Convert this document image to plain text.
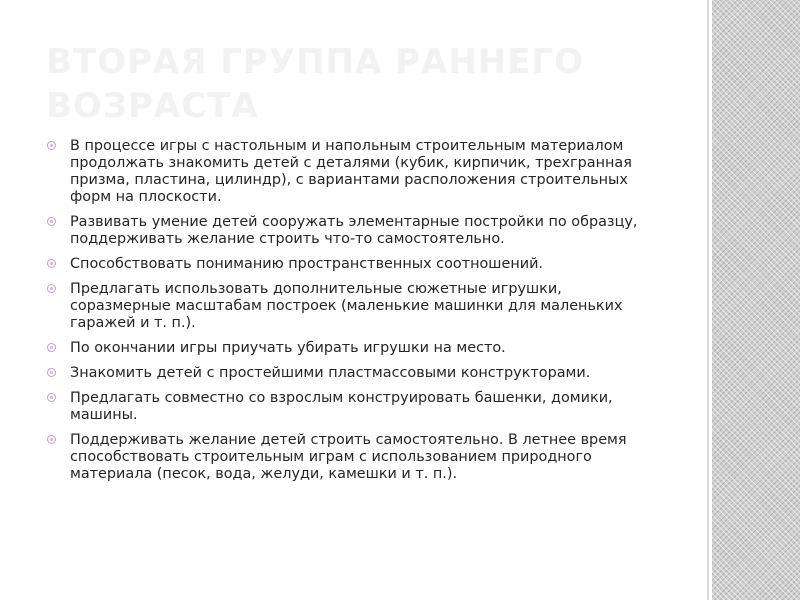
ВТОРАЯ ГРУППА РАННЕГО
ВОЗРАСТА
В процессе игры с настольным и напольным строительным материалом продолжать знакомить детей с деталями (кубик, кирпичик, трехгранная призма, пластина, цилиндр), с вариантами расположения строительных форм на плоскости.
Развивать умение детей сооружать элементарные постройки по образцу, поддерживать желание строить что-то самостоятельно.
Способствовать пониманию пространственных соотношений.
Предлагать использовать дополнительные сюжетные игрушки, соразмерные масштабам построек (маленькие машинки для маленьких гаражей и т. п.).
По окончании игры приучать убирать игрушки на место.
Знакомить детей с простейшими пластмассовыми конструкторами.
Предлагать совместно со взрослым конструировать башенки, домики, машины.
Поддерживать желание детей строить самостоятельно. В летнее время способствовать строительным играм с использованием природного материала (песок, вода, желуди, камешки и т. п.).
